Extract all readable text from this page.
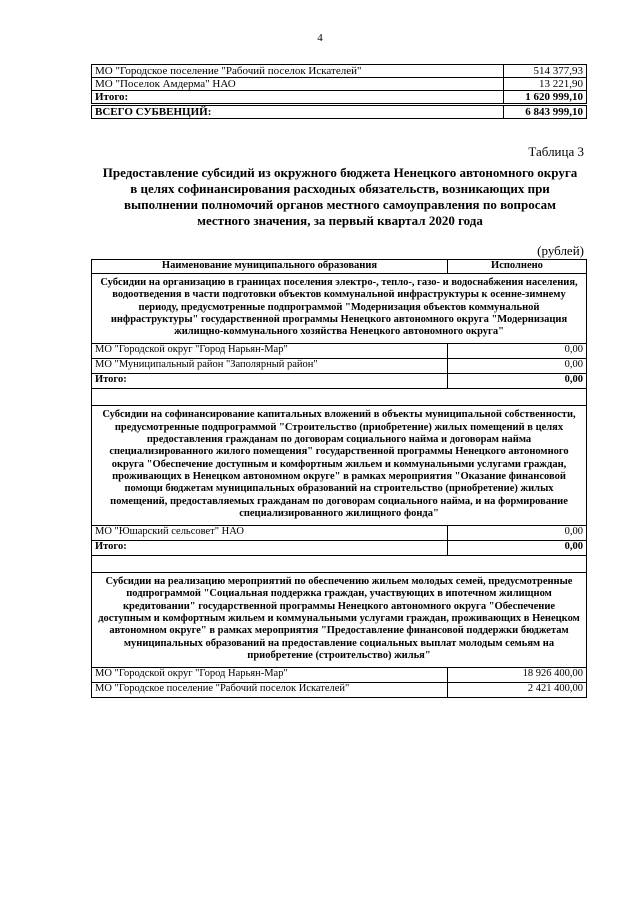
4
МО "Городское поселение "Рабочий поселок Искателей"	514 377,93
МО "Поселок Амдерма" НАО	13 221,90
Итого:	1 620 999,10
ВСЕГО СУБВЕНЦИЙ:	6 843 999,10
Таблица 3
Предоставление субсидий из окружного бюджета Ненецкого автономного округа в целях софинансирования расходных обязательств, возникающих при выполнении полномочий органов местного самоуправления по вопросам местного значения, за первый квартал 2020 года
(рублей)
Наименование муниципального образования	Исполнено
Субсидии на организацию в границах поселения электро-, тепло-, газо- и водоснабжения населения, водоотведения в части подготовки объектов коммунальной инфраструктуры к осенне-зимнему периоду, предусмотренные подпрограммой "Модернизация объектов коммунальной инфраструктуры" государственной программы Ненецкого автономного округа "Модернизация жилищно-коммунального хозяйства Ненецкого автономного округа"	
МО "Городской округ "Город Нарьян-Мар"	0,00
МО "Муниципальный район "Заполярный район"	0,00
Итого:	0,00

Субсидии на софинансирование капитальных вложений в объекты муниципальной собственности, предусмотренные подпрограммой "Строительство (приобретение) жилых помещений в целях предоставления гражданам по договорам социального найма и договорам найма специализированного жилого помещения" государственной программы Ненецкого автономного округа "Обеспечение доступным и комфортным жильем и коммунальными услугами граждан, проживающих в Ненецком автономном округе" в рамках мероприятия "Оказание финансовой помощи бюджетам муниципальных образований на строительство (приобретение) жилых помещений, предоставляемых гражданам по договорам социального найма, и на формирование специализированного жилищного фонда"	
МО "Юшарский сельсовет" НАО	0,00
Итого:	0,00

Субсидии на реализацию мероприятий по обеспечению жильем молодых семей, предусмотренные подпрограммой "Социальная поддержка граждан, участвующих в ипотечном жилищном кредитовании" государственной программы Ненецкого автономного округа "Обеспечение доступным и комфортным жильем и коммунальными услугами граждан, проживающих в Ненецком автономном округе" в рамках мероприятия "Предоставление финансовой поддержки бюджетам муниципальных образований на предоставление социальных выплат молодым семьям на приобретение (строительство) жилья"	
МО "Городской округ "Город Нарьян-Мар"	18 926 400,00
МО "Городское поселение "Рабочий поселок Искателей"	2 421 400,00
